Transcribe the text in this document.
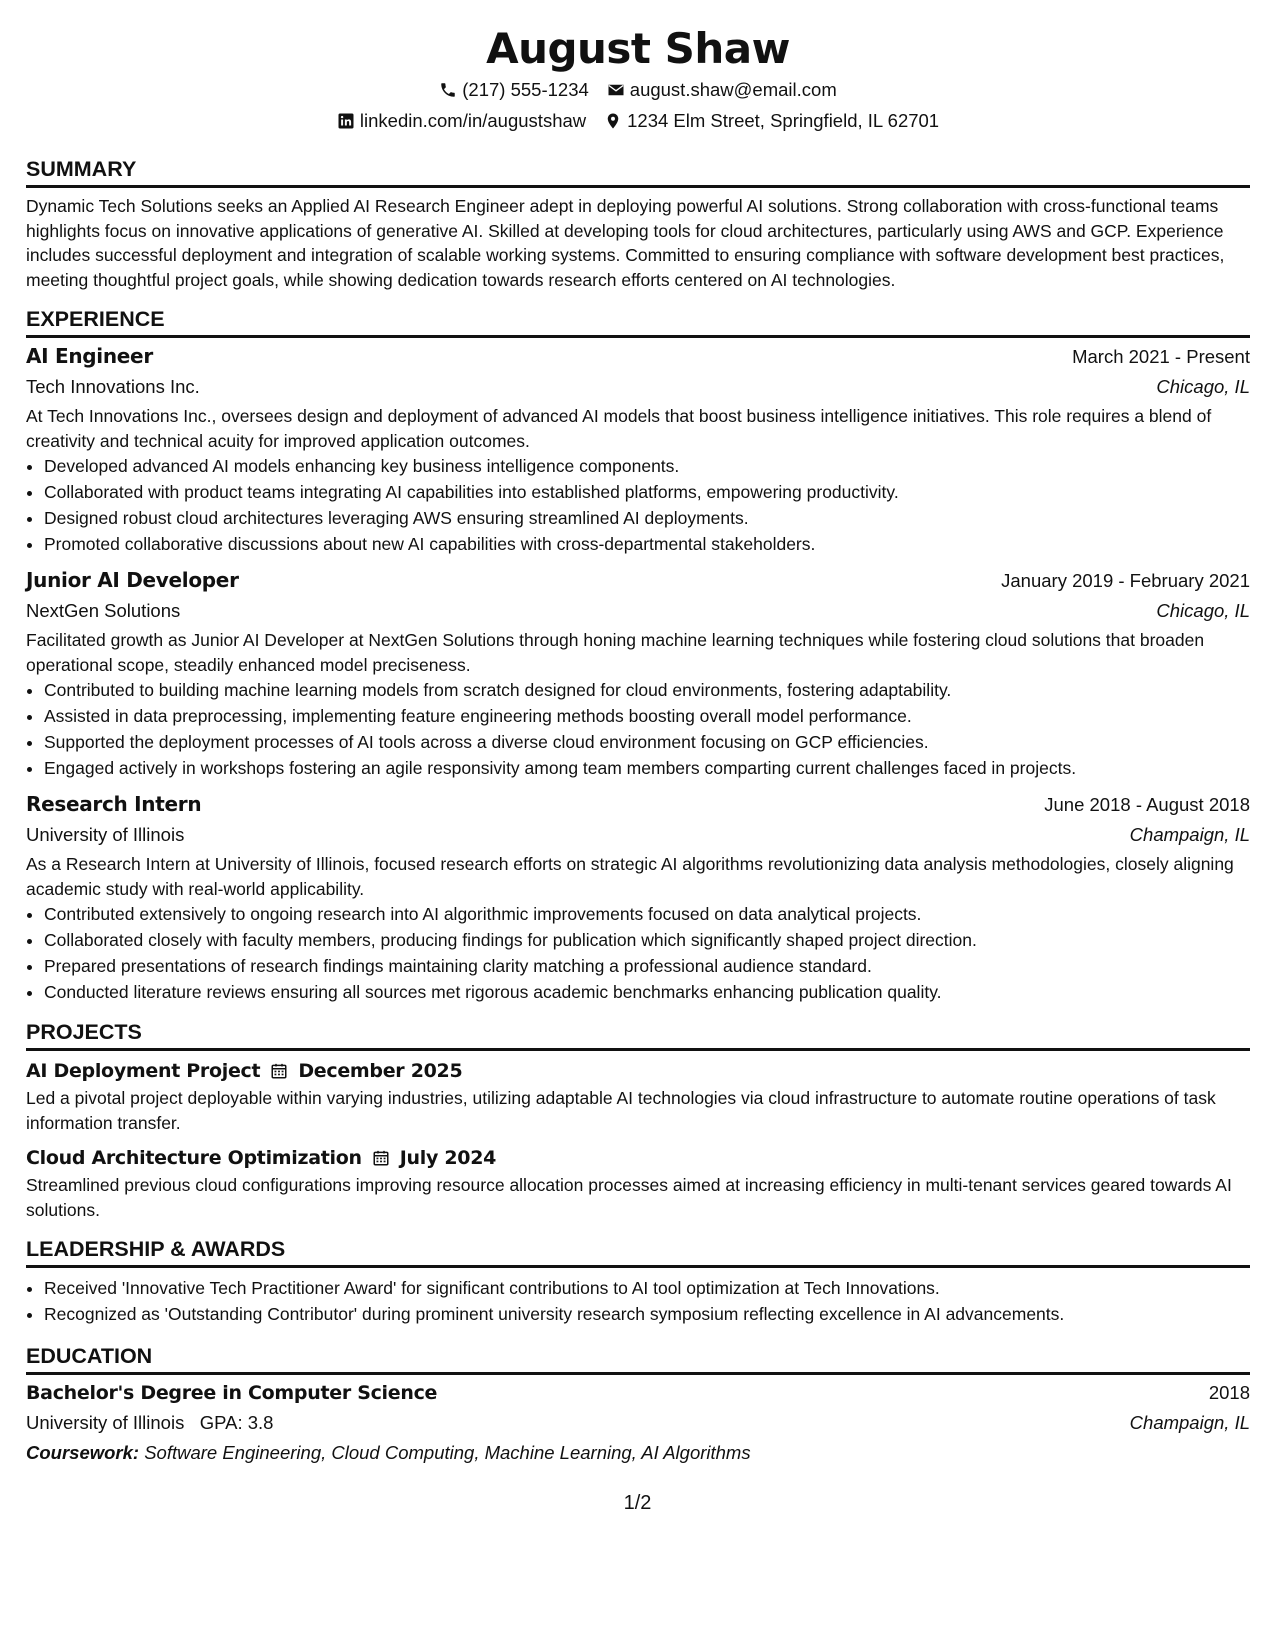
August Shaw
(217) 555-1234 august.shaw@email.com
linkedin.com/in/augustshaw 1234 Elm Street, Springfield, IL 62701
SUMMARY

Dynamic Tech Solutions seeks an Applied AI Research Engineer adept in deploying powerful AI solutions. Strong collaboration with cross-functional teams highlights focus on innovative applications of generative AI. Skilled at developing tools for cloud architectures, particularly using AWS and GCP. Experience includes successful deployment and integration of scalable working systems. Committed to ensuring compliance with software development best practices, meeting thoughtful project goals, while showing dedication towards research efforts centered on AI technologies.

EXPERIENCE
AI Engineer	March 2021 - Present
Tech Innovations Inc.	Chicago, IL

At Tech Innovations Inc., oversees design and deployment of advanced AI models that boost business intelligence initiatives. This role requires a blend of creativity and technical acuity for improved application outcomes.

• Developed advanced AI models enhancing key business intelligence components.
• Collaborated with product teams integrating AI capabilities into established platforms, empowering productivity.
• Designed robust cloud architectures leveraging AWS ensuring streamlined AI deployments.
• Promoted collaborative discussions about new AI capabilities with cross-departmental stakeholders.
Junior AI Developer	January 2019 - February 2021
NextGen Solutions	Chicago, IL

Facilitated growth as Junior AI Developer at NextGen Solutions through honing machine learning techniques while fostering cloud solutions that broaden operational scope, steadily enhanced model preciseness.

• Contributed to building machine learning models from scratch designed for cloud environments, fostering adaptability.
• Assisted in data preprocessing, implementing feature engineering methods boosting overall model performance.
• Supported the deployment processes of AI tools across a diverse cloud environment focusing on GCP efficiencies.
• Engaged actively in workshops fostering an agile responsivity among team members comparting current challenges faced in projects.
Research Intern	June 2018 - August 2018
University of Illinois	Champaign, IL

As a Research Intern at University of Illinois, focused research efforts on strategic AI algorithms revolutionizing data analysis methodologies, closely aligning academic study with real-world applicability.

• Contributed extensively to ongoing research into AI algorithmic improvements focused on data analytical projects.
• Collaborated closely with faculty members, producing findings for publication which significantly shaped project direction.
• Prepared presentations of research findings maintaining clarity matching a professional audience standard.
• Conducted literature reviews ensuring all sources met rigorous academic benchmarks enhancing publication quality.
PROJECTS
AI Deployment Project December 2025

Led a pivotal project deployable within varying industries, utilizing adaptable AI technologies via cloud infrastructure to automate routine operations of task information transfer.

Cloud Architecture Optimization July 2024

Streamlined previous cloud configurations improving resource allocation processes aimed at increasing efficiency in multi-tenant services geared towards AI solutions.

LEADERSHIP & AWARDS
• Received 'Innovative Tech Practitioner Award' for significant contributions to AI tool optimization at Tech Innovations.
• Recognized as 'Outstanding Contributor' during prominent university research symposium reflecting excellence in AI advancements.
EDUCATION
Bachelor's Degree in Computer Science	2018
University of Illinois GPA: 3.8	Champaign, IL
Coursework: Software Engineering, Cloud Computing, Machine Learning, AI Algorithms
1/2
